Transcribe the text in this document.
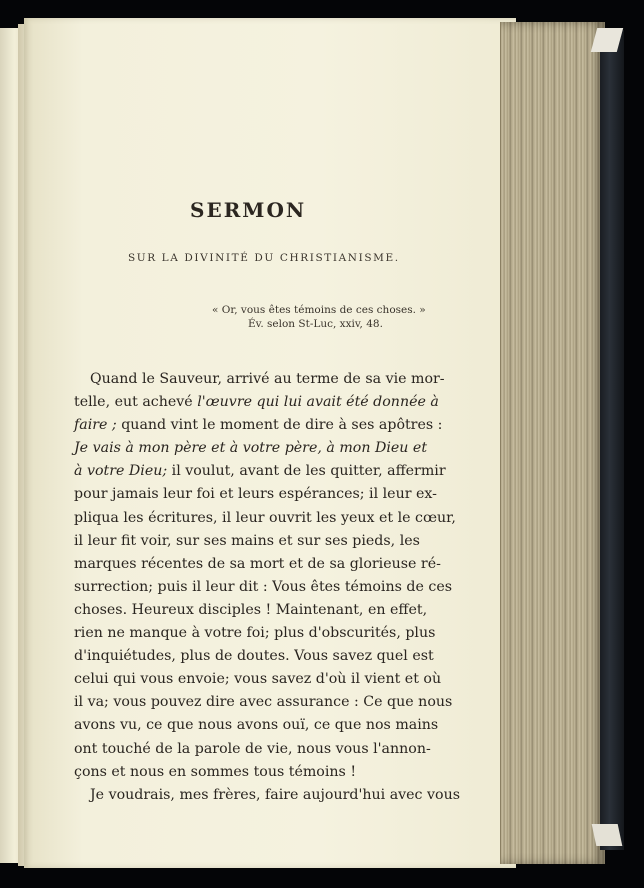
SERMON
SUR LA DIVINITÉ DU CHRISTIANISME.
« Or, vous êtes témoins de ces choses. »
Év. selon St-Luc, xxiv, 48.
Quand le Sauveur, arrivé au terme de sa vie mor-
telle, eut achevé l'œuvre qui lui avait été donnée à
faire ; quand vint le moment de dire à ses apôtres :
Je vais à mon père et à votre père, à mon Dieu et
à votre Dieu; il voulut, avant de les quitter, affermir
pour jamais leur foi et leurs espérances; il leur ex-
pliqua les écritures, il leur ouvrit les yeux et le cœur,
il leur fit voir, sur ses mains et sur ses pieds, les
marques récentes de sa mort et de sa glorieuse ré-
surrection; puis il leur dit : Vous êtes témoins de ces
choses. Heureux disciples ! Maintenant, en effet,
rien ne manque à votre foi; plus d'obscurités, plus
d'inquiétudes, plus de doutes. Vous savez quel est
celui qui vous envoie; vous savez d'où il vient et où
il va; vous pouvez dire avec assurance : Ce que nous
avons vu, ce que nous avons ouï, ce que nos mains
ont touché de la parole de vie, nous vous l'annon-
çons et nous en sommes tous témoins !
Je voudrais, mes frères, faire aujourd'hui avec vous
